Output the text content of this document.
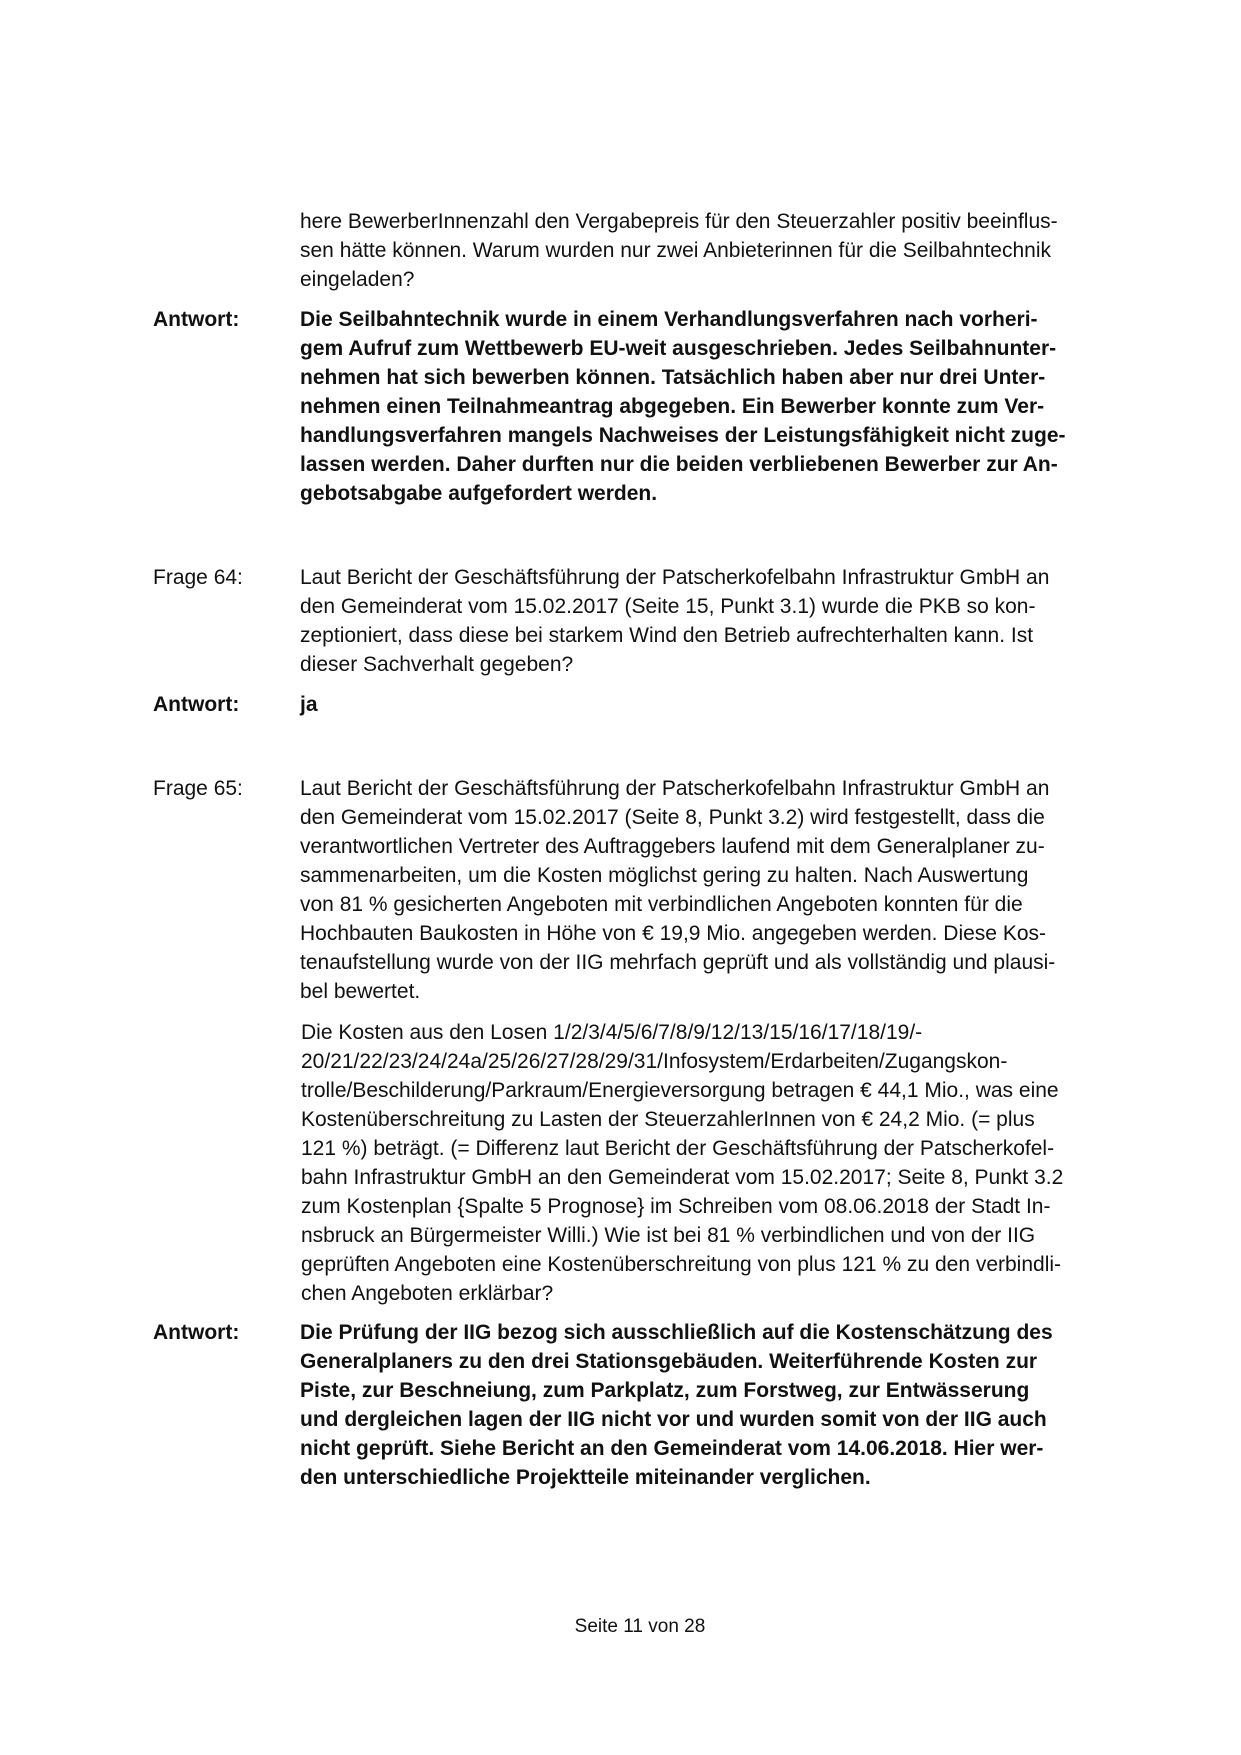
here BewerberInnenzahl den Vergabepreis für den Steuerzahler positiv beeinflus-
sen hätte können. Warum wurden nur zwei Anbieterinnen für die Seilbahntechnik
eingeladen?
Antwort:	Die Seilbahntechnik wurde in einem Verhandlungsverfahren nach vorheri-
gem Aufruf zum Wettbewerb EU-weit ausgeschrieben. Jedes Seilbahnunter-
nehmen hat sich bewerben können. Tatsächlich haben aber nur drei Unter-
nehmen einen Teilnahmeantrag abgegeben. Ein Bewerber konnte zum Ver-
handlungsverfahren mangels Nachweises der Leistungsfähigkeit nicht zuge-
lassen werden. Daher durften nur die beiden verbliebenen Bewerber zur An-
gebotsabgabe aufgefordert werden.
Frage 64:	Laut Bericht der Geschäftsführung der Patscherkofelbahn Infrastruktur GmbH an
den Gemeinderat vom 15.02.2017 (Seite 15, Punkt 3.1) wurde die PKB so kon-
zeptioniert, dass diese bei starkem Wind den Betrieb aufrechterhalten kann. Ist
dieser Sachverhalt gegeben?
Antwort:	ja
Frage 65:	Laut Bericht der Geschäftsführung der Patscherkofelbahn Infrastruktur GmbH an
den Gemeinderat vom 15.02.2017 (Seite 8, Punkt 3.2) wird festgestellt, dass die
verantwortlichen Vertreter des Auftraggebers laufend mit dem Generalplaner zu-
sammenarbeiten, um die Kosten möglichst gering zu halten. Nach Auswertung
von 81 % gesicherten Angeboten mit verbindlichen Angeboten konnten für die
Hochbauten Baukosten in Höhe von € 19,9 Mio. angegeben werden. Diese Kos-
tenaufstellung wurde von der IIG mehrfach geprüft und als vollständig und plausi-
bel bewertet.
Die Kosten aus den Losen 1/2/3/4/5/6/7/8/9/12/13/15/16/17/18/19/-
20/21/22/23/24/24a/25/26/27/28/29/31/Infosystem/Erdarbeiten/Zugangskon-
trolle/Beschilderung/Parkraum/Energieversorgung betragen € 44,1 Mio., was eine
Kostenüberschreitung zu Lasten der SteuerzahlerInnen von € 24,2 Mio. (= plus
121 %) beträgt. (= Differenz laut Bericht der Geschäftsführung der Patscherkofel-
bahn Infrastruktur GmbH an den Gemeinderat vom 15.02.2017; Seite 8, Punkt 3.2
zum Kostenplan {Spalte 5 Prognose} im Schreiben vom 08.06.2018 der Stadt In-
nsbruck an Bürgermeister Willi.) Wie ist bei 81 % verbindlichen und von der IIG
geprüften Angeboten eine Kostenüberschreitung von plus 121 % zu den verbindli-
chen Angeboten erklärbar?
Antwort:	Die Prüfung der IIG bezog sich ausschließlich auf die Kostenschätzung des
Generalplaners zu den drei Stationsgebäuden. Weiterführende Kosten zur
Piste, zur Beschneiung, zum Parkplatz, zum Forstweg, zur Entwässerung
und dergleichen lagen der IIG nicht vor und wurden somit von der IIG auch
nicht geprüft. Siehe Bericht an den Gemeinderat vom 14.06.2018. Hier wer-
den unterschiedliche Projektteile miteinander verglichen.
Seite 11 von 28
